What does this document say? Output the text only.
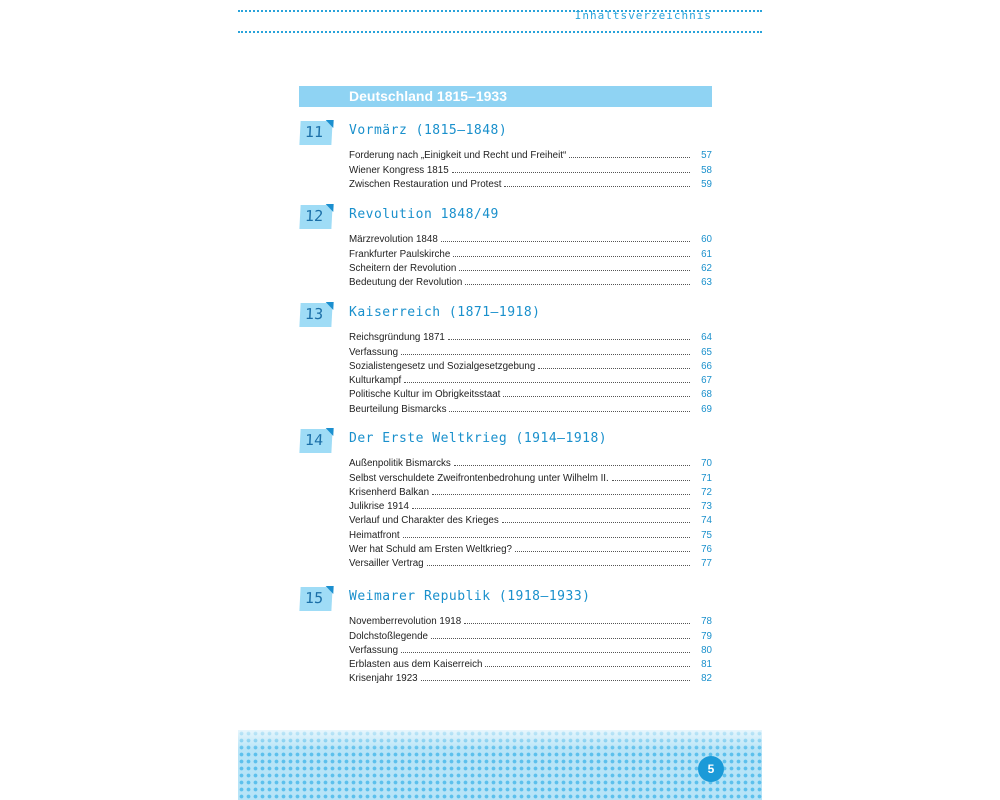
Inhaltsverzeichnis
Deutschland 1815–1933
11 Vormärz (1815–1848)
Forderung nach „Einigkeit und Recht und Freiheit“	57
Wiener Kongress 1815	58
Zwischen Restauration und Protest	59
12 Revolution 1848/49
Märzrevolution 1848	60
Frankfurter Paulskirche	61
Scheitern der Revolution	62
Bedeutung der Revolution	63
13 Kaiserreich (1871–1918)
Reichsgründung 1871	64
Verfassung	65
Sozialistengesetz und Sozialgesetzgebung	66
Kulturkampf	67
Politische Kultur im Obrigkeitsstaat	68
Beurteilung Bismarcks	69
14 Der Erste Weltkrieg (1914–1918)
Außenpolitik Bismarcks	70
Selbst verschuldete Zweifrontenbedrohung unter Wilhelm II.	71
Krisenherd Balkan	72
Julikrise 1914	73
Verlauf und Charakter des Krieges	74
Heimatfront	75
Wer hat Schuld am Ersten Weltkrieg?	76
Versailler Vertrag	77
15 Weimarer Republik (1918–1933)
Novemberrevolution 1918	78
Dolchstoßlegende	79
Verfassung	80
Erblasten aus dem Kaiserreich	81
Krisenjahr 1923	82
5
